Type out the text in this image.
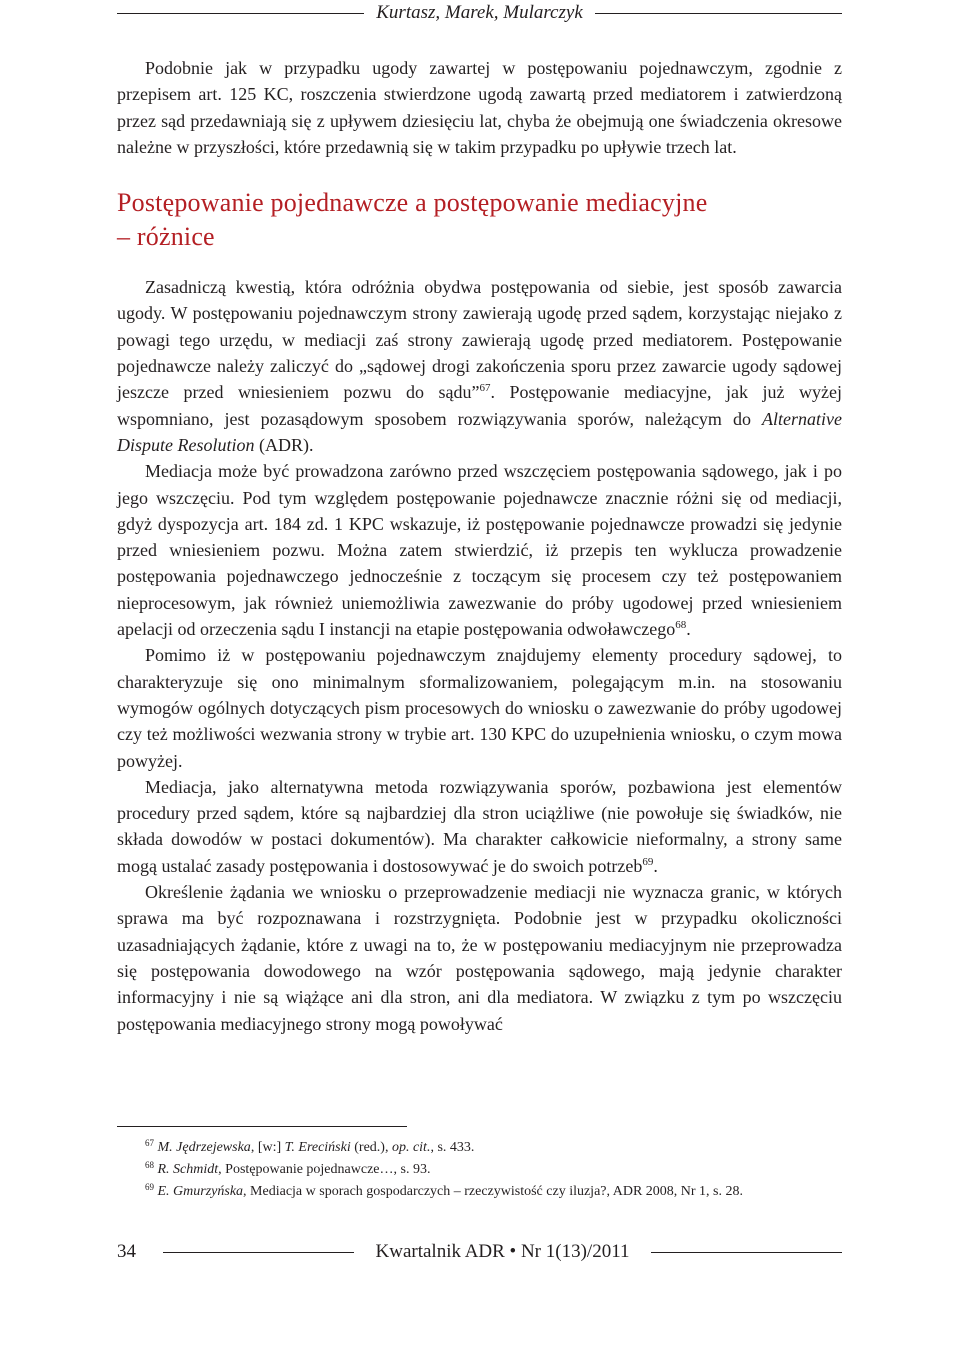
Kurtasz, Marek, Mularczyk

Podobnie jak w przypadku ugody zawartej w postępowaniu pojednawczym, zgodnie z przepisem art. 125 KC, roszczenia stwierdzone ugodą zawartą przed mediatorem i zatwierdzoną przez sąd przedawniają się z upływem dziesięciu lat, chyba że obejmują one świadczenia okresowe należne w przyszłości, które przedawnią się w takim przypadku po upływie trzech lat.

Postępowanie pojednawcze a postępowanie mediacyjne
– różnice

Zasadniczą kwestią, która odróżnia obydwa postępowania od siebie, jest sposób zawarcia ugody. W postępowaniu pojednawczym strony zawierają ugodę przed sądem, korzystając niejako z powagi tego urzędu, w mediacji zaś strony zawierają ugodę przed mediatorem. Postępowanie pojednawcze należy zaliczyć do „sądowej drogi zakończenia sporu przez zawarcie ugody sądowej jeszcze przed wniesieniem pozwu do sądu”$^{67}$. Postępowanie mediacyjne, jak już wyżej wspomniano, jest pozasądowym sposobem rozwiązywania sporów, należącym do Alternative Dispute Resolution (ADR).

Mediacja może być prowadzona zarówno przed wszczęciem postępowania sądowego, jak i po jego wszczęciu. Pod tym względem postępowanie pojednawcze znacznie różni się od mediacji, gdyż dyspozycja art. 184 zd. 1 KPC wskazuje, iż postępowanie pojednawcze prowadzi się jedynie przed wniesieniem pozwu. Można zatem stwierdzić, iż przepis ten wyklucza prowadzenie postępowania pojednawczego jednocześnie z toczącym się procesem czy też postępowaniem nieprocesowym, jak również uniemożliwia zawezwanie do próby ugodowej przed wniesieniem apelacji od orzeczenia sądu I instancji na etapie postępowania odwoławczego$^{68}$.

Pomimo iż w postępowaniu pojednawczym znajdujemy elementy procedury sądowej, to charakteryzuje się ono minimalnym sformalizowaniem, polegającym m.in. na stosowaniu wymogów ogólnych dotyczących pism procesowych do wniosku o zawezwanie do próby ugodowej czy też możliwości wezwania strony w trybie art. 130 KPC do uzupełnienia wniosku, o czym mowa powyżej.

Mediacja, jako alternatywna metoda rozwiązywania sporów, pozbawiona jest elementów procedury przed sądem, które są najbardziej dla stron uciążliwe (nie powołuje się świadków, nie składa dowodów w postaci dokumentów). Ma charakter całkowicie nieformalny, a strony same mogą ustalać zasady postępowania i dostosowywać je do swoich potrzeb$^{69}$.

Określenie żądania we wniosku o przeprowadzenie mediacji nie wyznacza granic, w których sprawa ma być rozpoznawana i rozstrzygnięta. Podobnie jest w przypadku okoliczności uzasadniających żądanie, które z uwagi na to, że w postępowaniu mediacyjnym nie przeprowadza się postępowania dowodowego na wzór postępowania sądowego, mają jedynie charakter informacyjny i nie są wiążące ani dla stron, ani dla mediatora. W związku z tym po wszczęciu postępowania mediacyjnego strony mogą powoływać

$^{67}$ M. Jędrzejewska, [w:] T. Ereciński (red.), op. cit., s. 433.

$^{68}$ R. Schmidt, Postępowanie pojednawcze…, s. 93.

$^{69}$ E. Gmurzyńska, Mediacja w sporach gospodarczych – rzeczywistość czy iluzja?, ADR 2008, Nr 1, s. 28.

34	Kwartalnik ADR • Nr 1(13)/2011
